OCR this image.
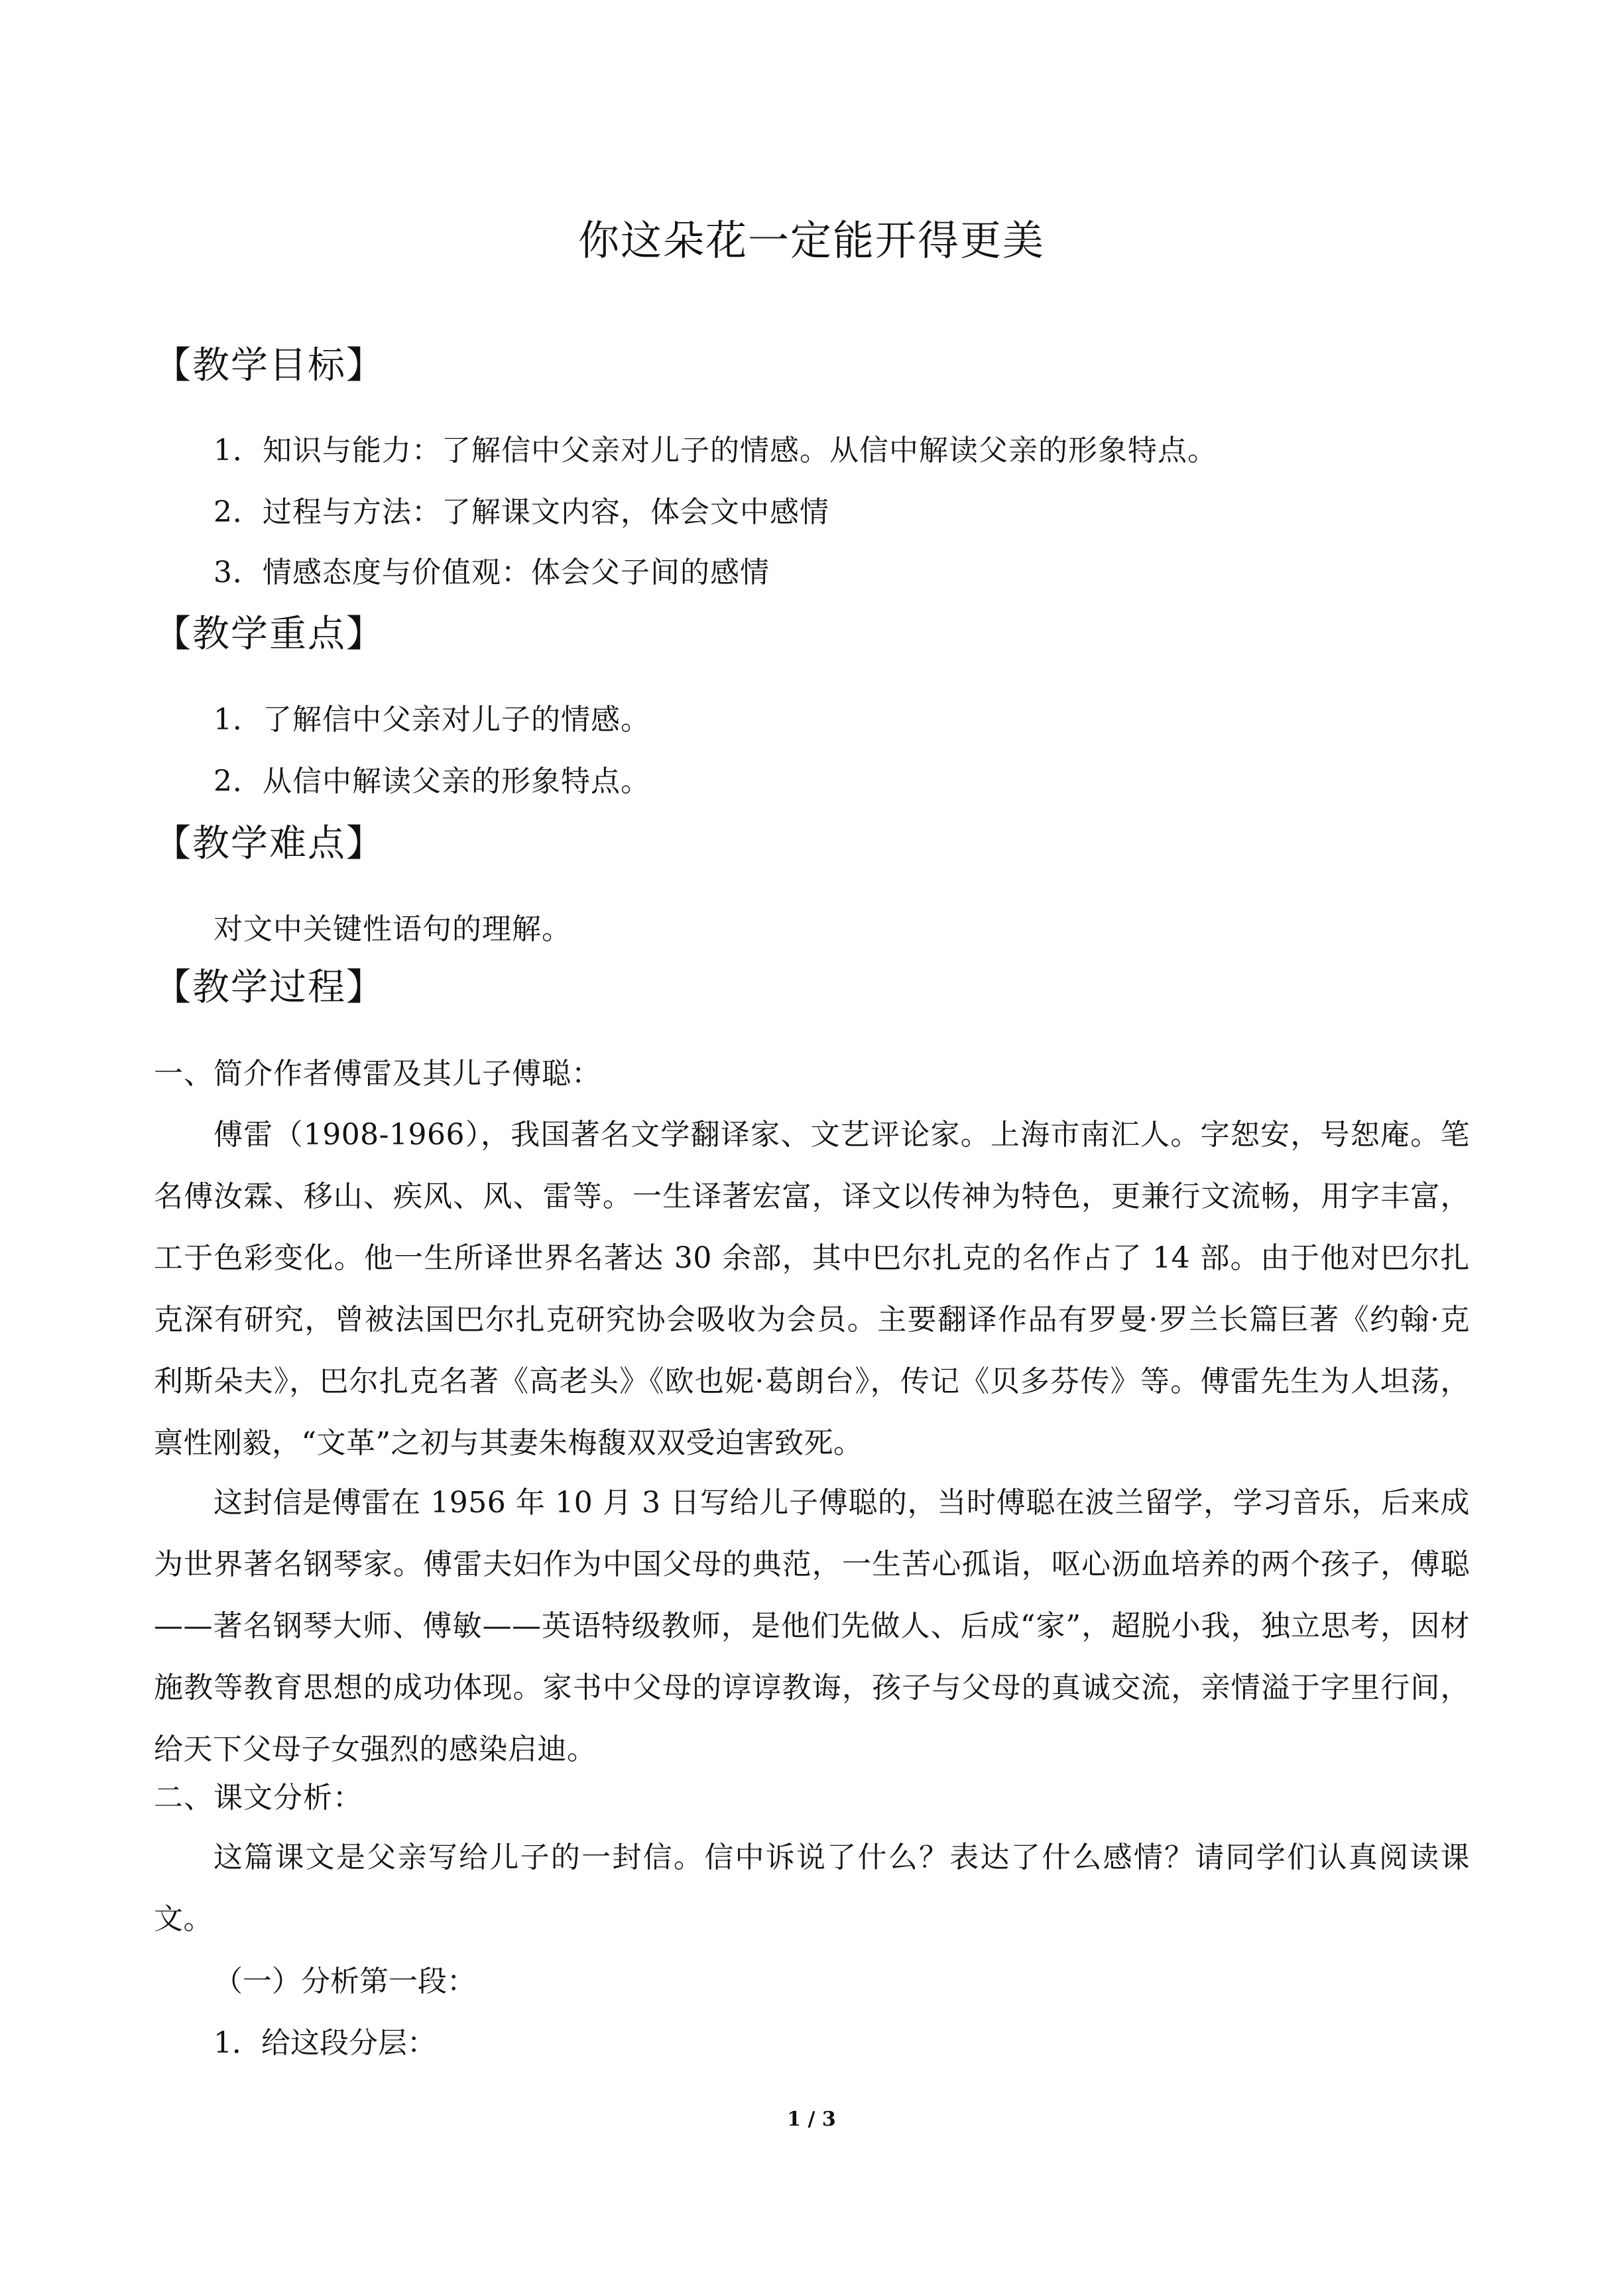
你这朵花一定能开得更美
【教学目标】
1．知识与能力：了解信中父亲对儿子的情感。从信中解读父亲的形象特点。
2．过程与方法：了解课文内容，体会文中感情
3．情感态度与价值观：体会父子间的感情
【教学重点】
1．了解信中父亲对儿子的情感。
2．从信中解读父亲的形象特点。
【教学难点】
对文中关键性语句的理解。
【教学过程】
一、简介作者傅雷及其儿子傅聪：

傅雷（1908-1966），我国著名文学翻译家、文艺评论家。上海市南汇人。字恕安，号恕庵。笔名傅汝霖、移山、疾风、风、雷等。一生译著宏富，译文以传神为特色，更兼行文流畅，用字丰富，工于色彩变化。他一生所译世界名著达 30 余部，其中巴尔扎克的名作占了 14 部。由于他对巴尔扎克深有研究，曾被法国巴尔扎克研究协会吸收为会员。主要翻译作品有罗曼·罗兰长篇巨著《约翰·克利斯朵夫》，巴尔扎克名著《高老头》《欧也妮·葛朗台》，传记《贝多芬传》等。傅雷先生为人坦荡，禀性刚毅，“文革”之初与其妻朱梅馥双双受迫害致死。

这封信是傅雷在 1956 年 10 月 3 日写给儿子傅聪的，当时傅聪在波兰留学，学习音乐，后来成为世界著名钢琴家。傅雷夫妇作为中国父母的典范，一生苦心孤诣，呕心沥血培养的两个孩子，傅聪——著名钢琴大师、傅敏——英语特级教师，是他们先做人、后成“家”，超脱小我，独立思考，因材施教等教育思想的成功体现。家书中父母的谆谆教诲，孩子与父母的真诚交流，亲情溢于字里行间，给天下父母子女强烈的感染启迪。

二、课文分析：

这篇课文是父亲写给儿子的一封信。信中诉说了什么？表达了什么感情？请同学们认真阅读课文。

（一）分析第一段：
1．给这段分层：
1 / 3
